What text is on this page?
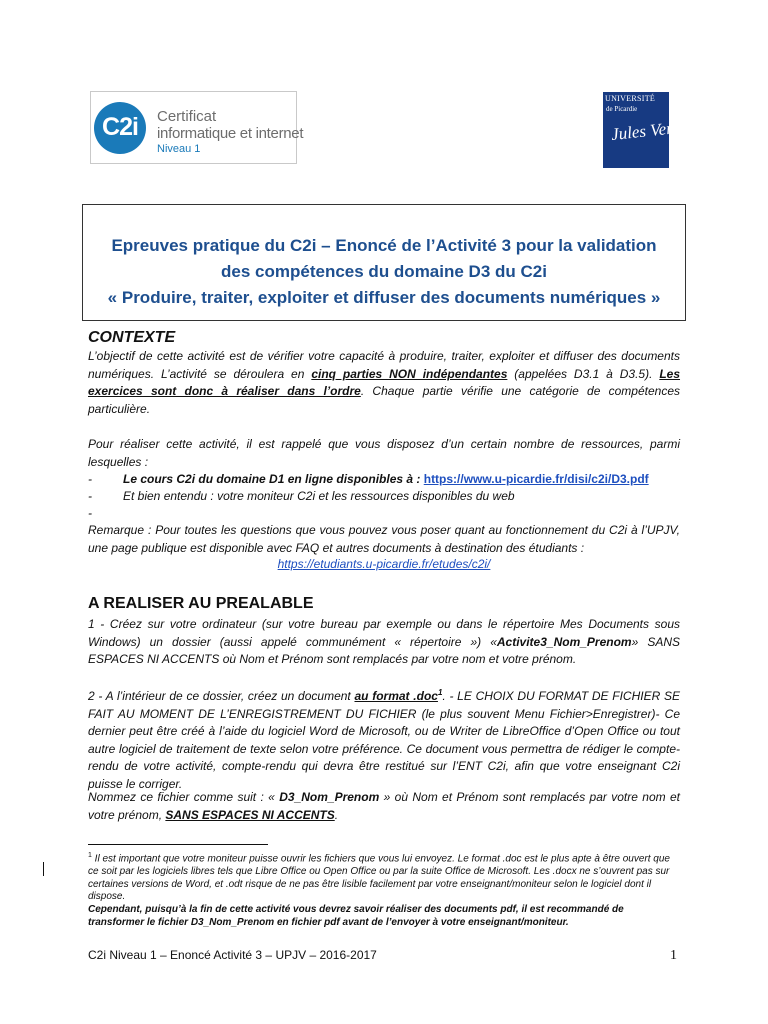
C2i	Certificat
informatique et internet
Niveau 1
UNIVERSITÉ
de Picardie
Jules Verne
Epreuves pratique du C2i – Enoncé de l’Activité 3 pour la validation
des compétences du domaine D3 du C2i
« Produire, traiter, exploiter et diffuser des documents numériques »
CONTEXTE
L’objectif de cette activité est de vérifier votre capacité à produire, traiter, exploiter et diffuser des documents numériques. L’activité se déroulera en cinq parties NON indépendantes (appelées D3.1 à D3.5). Les exercices sont donc à réaliser dans l’ordre. Chaque partie vérifie une catégorie de compétences particulière.
Pour réaliser cette activité, il est rappelé que vous disposez d’un certain nombre de ressources, parmi lesquelles :
-	Le cours C2i du domaine D1 en ligne disponibles à : https://www.u-picardie.fr/disi/c2i/D3.pdf
-	Et bien entendu : votre moniteur C2i et les ressources disponibles du web
-
Remarque : Pour toutes les questions que vous pouvez vous poser quant au fonctionnement du C2i à l’UPJV, une page publique est disponible avec FAQ et autres documents à destination des étudiants :
https://etudiants.u-picardie.fr/etudes/c2i/
A REALISER AU PREALABLE
1 - Créez sur votre ordinateur (sur votre bureau par exemple ou dans le répertoire Mes Documents sous Windows) un dossier (aussi appelé communément « répertoire ») «Activite3_Nom_Prenom» SANS ESPACES NI ACCENTS où Nom et Prénom sont remplacés par votre nom et votre prénom.
2 - A l’intérieur de ce dossier, créez un document au format .doc$^1$. - LE CHOIX DU FORMAT DE FICHIER SE FAIT AU MOMENT DE L’ENREGISTREMENT DU FICHIER (le plus souvent Menu Fichier>Enregistrer)- Ce dernier peut être créé à l’aide du logiciel Word de Microsoft, ou de Writer de LibreOffice d’Open Office ou tout autre logiciel de traitement de texte selon votre préférence. Ce document vous permettra de rédiger le compte-rendu de votre activité, compte-rendu qui devra être restitué sur l’ENT C2i, afin que votre enseignant C2i puisse le corriger.
Nommez ce fichier comme suit : « D3_Nom_Prenom » où Nom et Prénom sont remplacés par votre nom et votre prénom, SANS ESPACES NI ACCENTS.
$^1$ Il est important que votre moniteur puisse ouvrir les fichiers que vous lui envoyez. Le format .doc est le plus apte à être ouvert que ce soit par les logiciels libres tels que Libre Office ou Open Office ou par la suite Office de Microsoft. Les .docx ne s’ouvrent pas sur certaines versions de Word, et .odt risque de ne pas être lisible facilement par votre enseignant/moniteur selon le logiciel dont il dispose.
Cependant, puisqu’à la fin de cette activité vous devrez savoir réaliser des documents pdf, il est recommandé de transformer le fichier D3_Nom_Prenom en fichier pdf avant de l’envoyer à votre enseignant/moniteur.
C2i Niveau 1 – Enoncé Activité 3 – UPJV – 2016-2017	1
